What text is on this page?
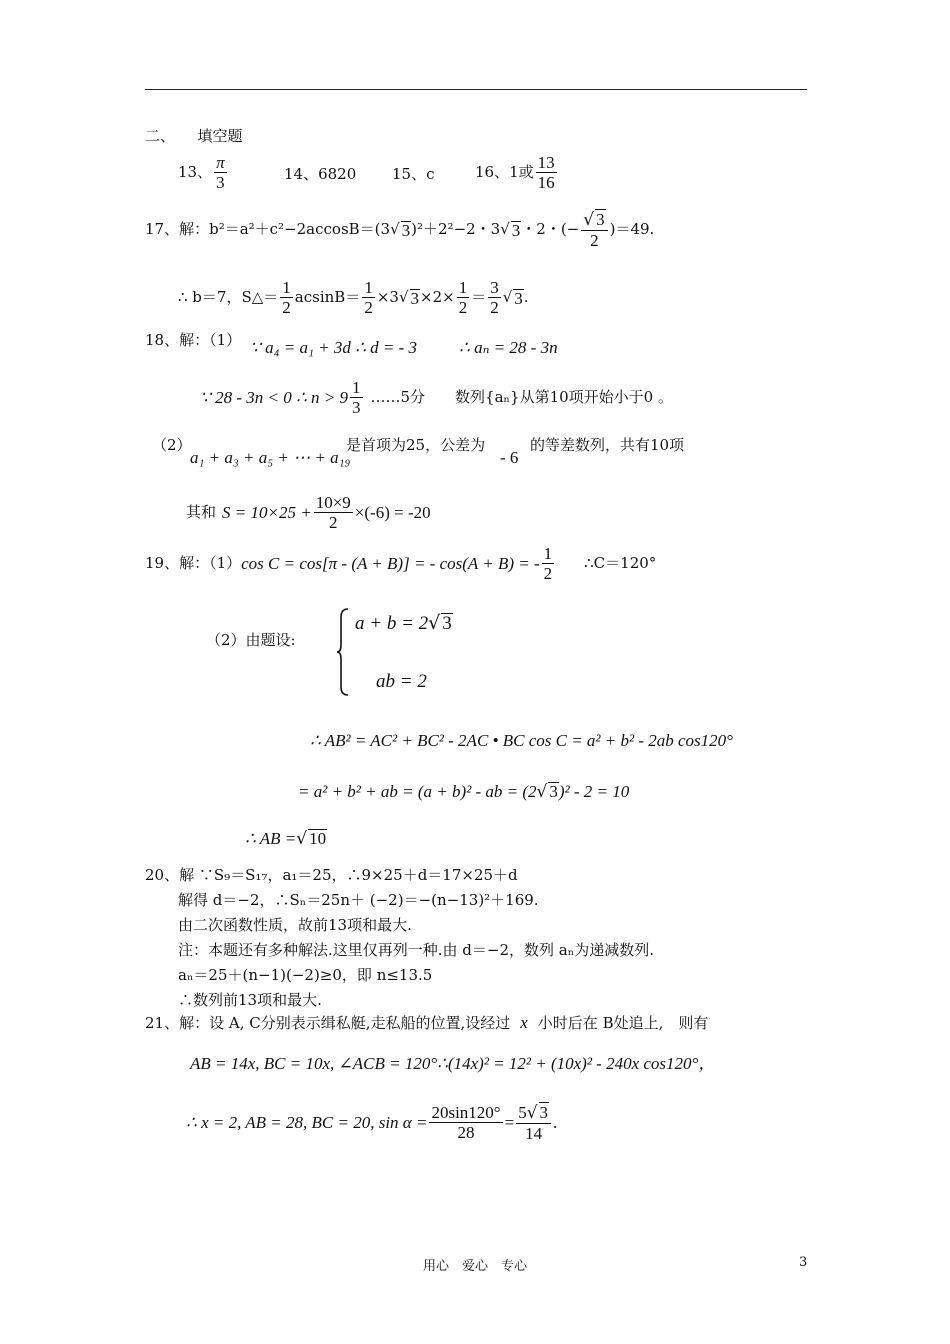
二、　　填空题
13、 $\frac{\pi}{3}$	14、6820 15、c	16、1或 $\frac{13}{16}$
17、解：b²＝a²＋c²−2accosB＝(3√ 3)²＋2²−2・3√ 3・2・(− $\frac{√ 3}{2} )=49$.
∴ b＝7，S△＝ $\frac{1}{2} acsinB= \frac{1}{2} \times 3√$ $3\times 2\times \frac{1}{2} = \frac{3}{2}$ √ 3.
18、解：（1） ∵ a₄ = a₁ + 3d ∴ d = - 3 ∴ aₙ = 28 - 3n
∵ 28 - 3n < 0 ∴ $n > 9 \frac{1}{3}$ ……5分 数列{aₙ}从第10项开始小于0 。
（2）
a₁ + a₃ + a₅ + ⋯ + a₁₉
是首项为25，公差为
- 6
的等差数列，共有10项
其和 $S = 10\times 25 + \frac{10\times 9}{2} \times(-6) = -20$
19、解：（1）cos C = cos[π - (A + B)] = - cos(A + B) = - $\frac{1}{2}$ ∴C＝120°
（2）由题设:
a + b = 2√ 3
ab = 2
∴ AB² = AC² + BC² - 2AC • BC cos C = a² + b² - 2ab cos120°
= a² + b² + ab = (a + b)² - ab = (2√ 3)² - 2 = 10
∴ AB =√ 10
20、解 ∵S₉＝S₁₇，a₁＝25，∴9×25＋d＝17×25＋d
解得 d＝−2，∴Sₙ＝25n＋ (−2)＝−(n−13)²＋169.
由二次函数性质，故前13项和最大.
注：本题还有多种解法.这里仅再列一种.由 d＝−2，数列 aₙ为递减数列.
aₙ＝25＋(n−1)(−2)≥0，即 n≤13.5
∴数列前13项和最大.
21、解：设 A, C分别表示缉私艇,走私船的位置,设经过 x 小时后在 B处追上,　则有
AB = 14x, BC = 10x, ∠ACB = 120°∴(14x)² = 12² + (10x)² - 240x cos120°，
∴ x = 2, AB = 28, BC = 20, $\sin \alpha = \frac{20\sin 120^\circ}{28} = \frac{5√ 3}{14}$ .
用心　爱心　专心	3
